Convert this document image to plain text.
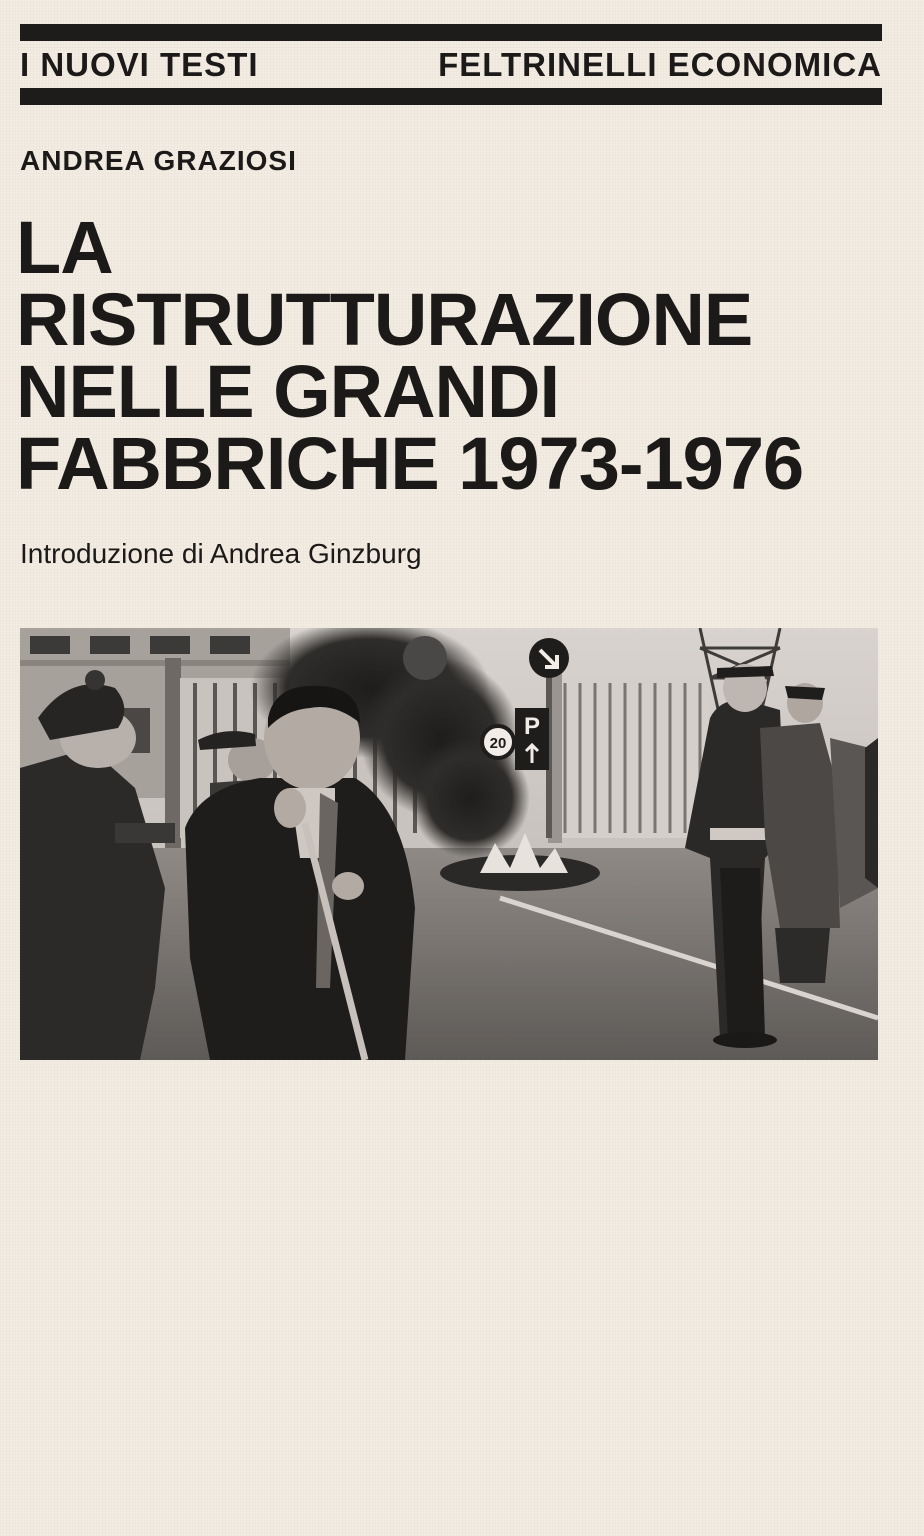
I NUOVI TESTI	FELTRINELLI ECONOMICA
ANDREA GRAZIOSI
LA
RISTRUTTURAZIONE
NELLE GRANDI
FABBRICHE 1973-1976
Introduzione di Andrea Ginzburg
20
P
